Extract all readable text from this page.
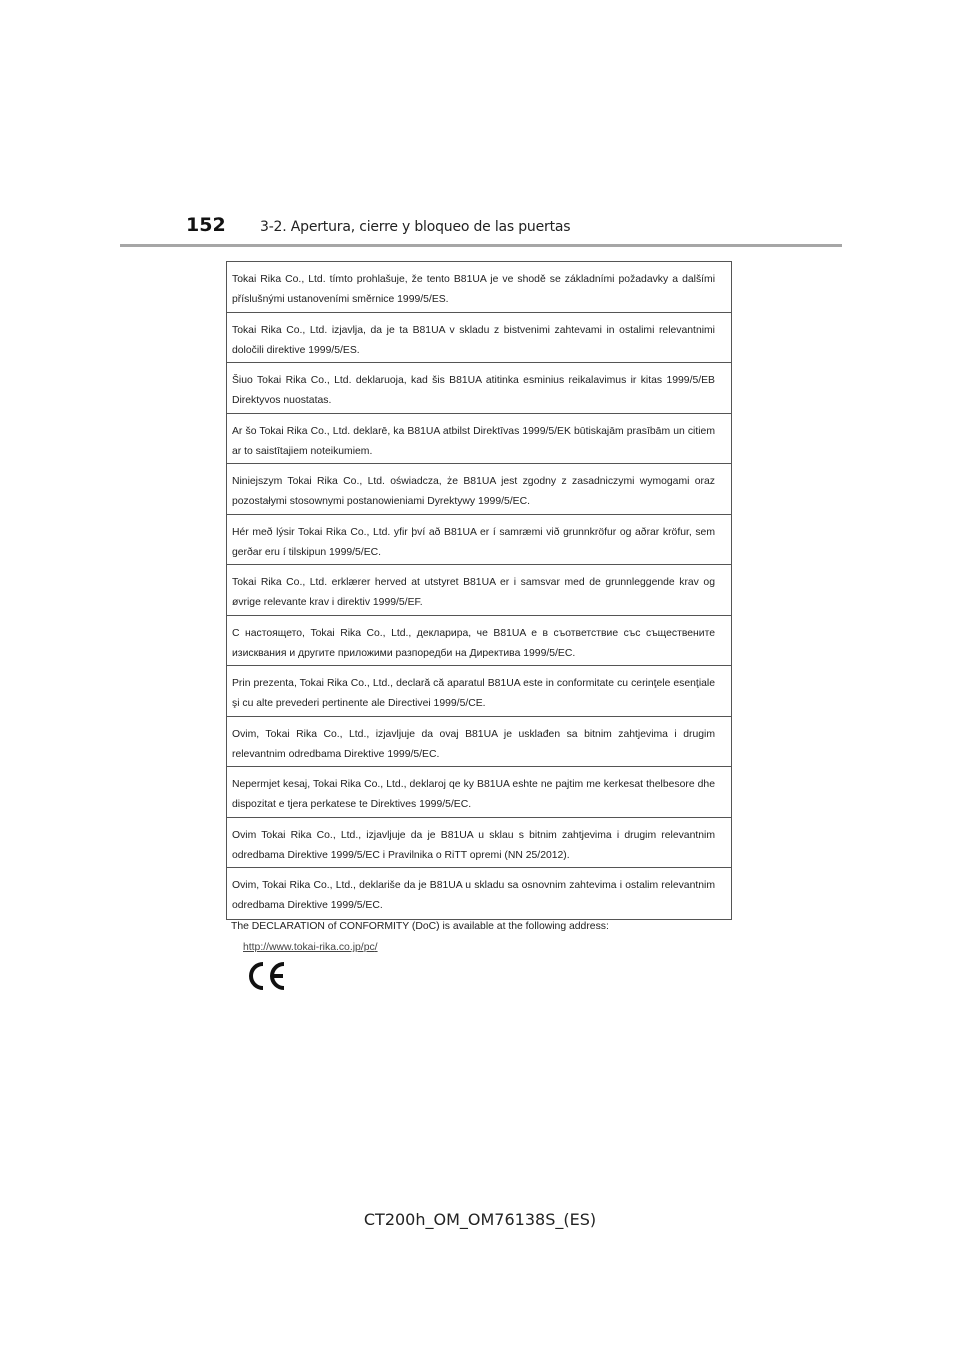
152 3-2. Apertura, cierre y bloqueo de las puertas
Tokai Rika Co., Ltd. tímto prohlašuje, že tento B81UA je ve shodě se základními požadavky a dalšími příslušnými ustanoveními směrnice 1999/5/ES.
Tokai Rika Co., Ltd. izjavlja, da je ta B81UA v skladu z bistvenimi zahtevami in ostalimi relevantnimi določili direktive 1999/5/ES.
Šiuo Tokai Rika Co., Ltd. deklaruoja, kad šis B81UA atitinka esminius reikalavimus ir kitas 1999/5/EB Direktyvos nuostatas.
Ar šo Tokai Rika Co., Ltd. deklarē, ka B81UA atbilst Direktīvas 1999/5/EK būtiskajām prasībām un citiem ar to saistītajiem noteikumiem.
Niniejszym Tokai Rika Co., Ltd. oświadcza, że B81UA jest zgodny z zasadniczymi wymogami oraz pozostałymi stosownymi postanowieniami Dyrektywy 1999/5/EC.
Hér með lýsir Tokai Rika Co., Ltd. yfir því að B81UA er í samræmi við grunnkröfur og aðrar kröfur, sem gerðar eru í tilskipun 1999/5/EC.
Tokai Rika Co., Ltd. erklærer herved at utstyret B81UA er i samsvar med de grunnleggende krav og øvrige relevante krav i direktiv 1999/5/EF.
С настоящето, Tokai Rika Co., Ltd., декларира, че B81UA е в съответствие със съществените изисквания и другите приложими разпоредби на Директива 1999/5/ЕС.
Prin prezenta, Tokai Rika Co., Ltd., declară că aparatul B81UA este in conformitate cu cerinţele esenţiale şi cu alte prevederi pertinente ale Directivei 1999/5/CE.
Ovim, Tokai Rika Co., Ltd., izjavljuje da ovaj B81UA je usklađen sa bitnim zahtjevima i drugim relevantnim odredbama Direktive 1999/5/EC.
Nepermjet kesaj, Tokai Rika Co., Ltd., deklaroj qe ky B81UA eshte ne pajtim me kerkesat thelbesore dhe dispozitat e tjera perkatese te Direktives 1999/5/EC.
Ovim Tokai Rika Co., Ltd., izjavljuje da je B81UA u sklau s bitnim zahtjevima i drugim relevantnim odredbama Direktive 1999/5/EC i Pravilnika o RiTT opremi (NN 25/2012).
Ovim, Tokai Rika Co., Ltd., deklariše da je B81UA u skladu sa osnovnim zahtevima i ostalim relevantnim odredbama Direktive 1999/5/EC.
The DECLARATION of CONFORMITY (DoC) is available at the following address:
http://www.tokai-rika.co.jp/pc/
CT200h_OM_OM76138S_(ES)
